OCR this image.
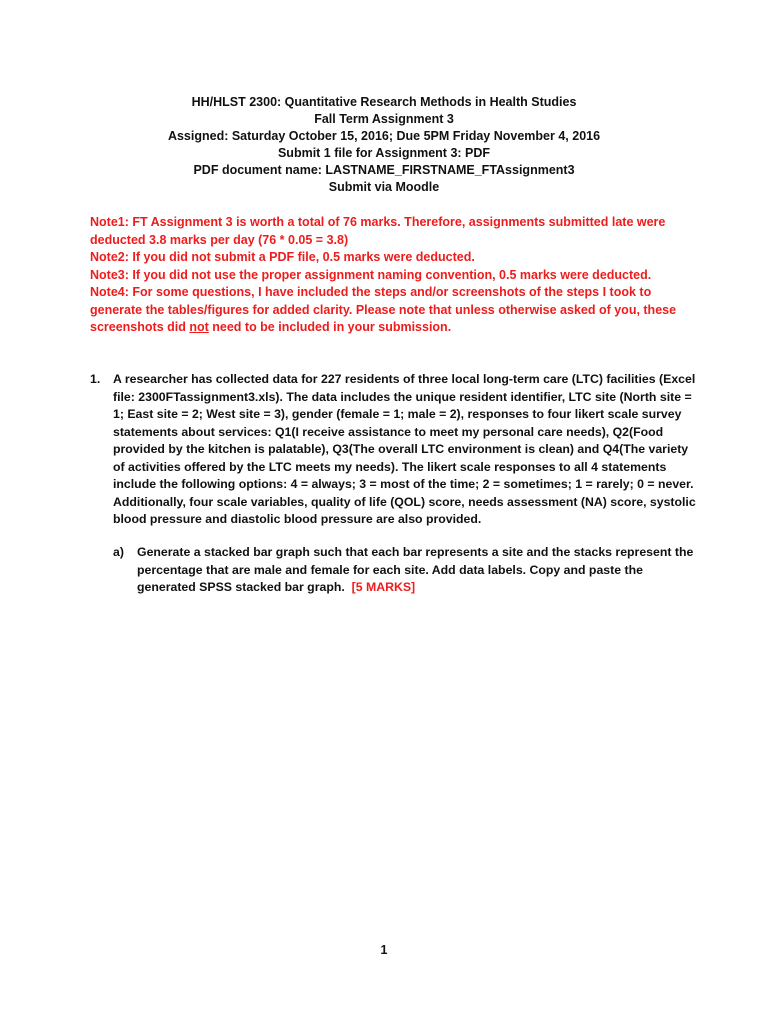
HH/HLST 2300: Quantitative Research Methods in Health Studies
Fall Term Assignment 3
Assigned: Saturday October 15, 2016; Due 5PM Friday November 4, 2016
Submit 1 file for Assignment 3: PDF
PDF document name: LASTNAME_FIRSTNAME_FTAssignment3
Submit via Moodle
Note1: FT Assignment 3 is worth a total of 76 marks. Therefore, assignments submitted late were
deducted 3.8 marks per day (76 * 0.05 = 3.8)
Note2: If you did not submit a PDF file, 0.5 marks were deducted.
Note3: If you did not use the proper assignment naming convention, 0.5 marks were deducted.
Note4: For some questions, I have included the steps and/or screenshots of the steps I took to
generate the tables/figures for added clarity. Please note that unless otherwise asked of you, these
screenshots did not need to be included in your submission.
1. A researcher has collected data for 227 residents of three local long-term care (LTC) facilities (Excel
file: 2300FTassignment3.xls). The data includes the unique resident identifier, LTC site (North site =
1; East site = 2; West site = 3), gender (female = 1; male = 2), responses to four likert scale survey
statements about services: Q1(I receive assistance to meet my personal care needs), Q2(Food
provided by the kitchen is palatable), Q3(The overall LTC environment is clean) and Q4(The variety
of activities offered by the LTC meets my needs). The likert scale responses to all 4 statements
include the following options: 4 = always; 3 = most of the time; 2 = sometimes; 1 = rarely; 0 = never.
Additionally, four scale variables, quality of life (QOL) score, needs assessment (NA) score, systolic
blood pressure and diastolic blood pressure are also provided.
a) Generate a stacked bar graph such that each bar represents a site and the stacks represent the
percentage that are male and female for each site. Add data labels. Copy and paste the
generated SPSS stacked bar graph. [5 MARKS]
1
